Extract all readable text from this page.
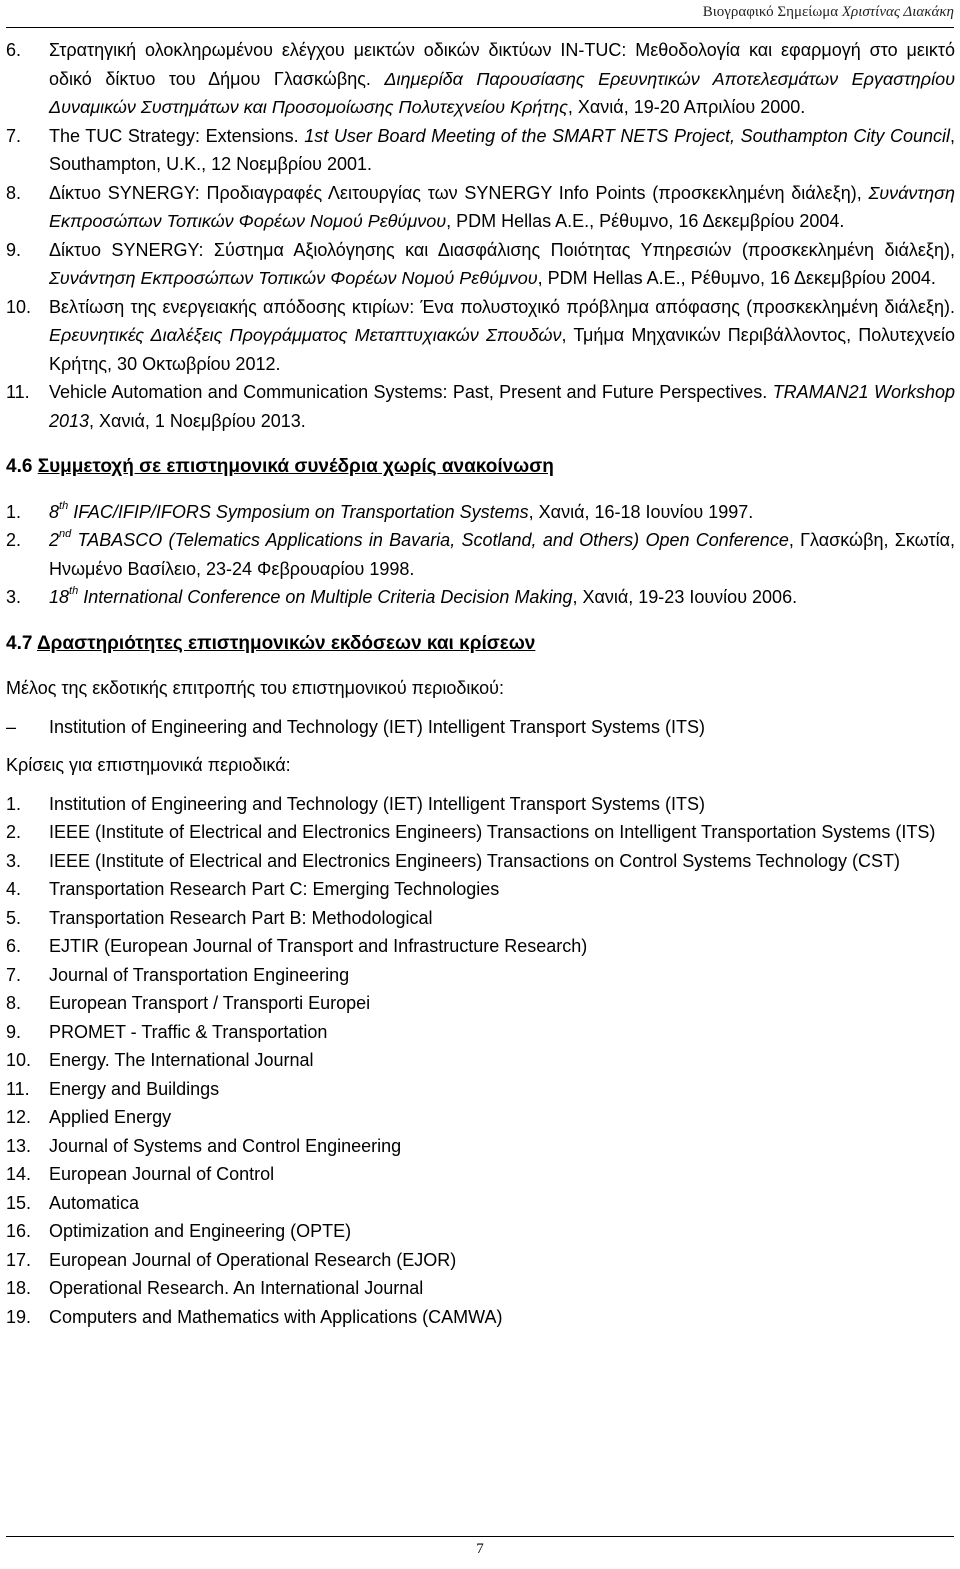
Βιογραφικό Σημείωμα Χριστίνας Διακάκη
6.	Στρατηγική ολοκληρωμένου ελέγχου μεικτών οδικών δικτύων IN-TUC: Μεθοδολογία και εφαρμογή στο μεικτό οδικό δίκτυο του Δήμου Γλασκώβης. Διημερίδα Παρουσίασης Ερευνητικών Αποτελεσμάτων Εργαστηρίου Δυναμικών Συστημάτων και Προσομοίωσης Πολυτεχνείου Κρήτης, Χανιά, 19-20 Απριλίου 2000.
7.	The TUC Strategy: Extensions. 1st User Board Meeting of the SMART NETS Project, Southampton City Council, Southampton, U.K., 12 Νοεμβρίου 2001.
8.	Δίκτυο SYNERGY: Προδιαγραφές Λειτουργίας των SYNERGY Info Points (προσκεκλημένη διάλεξη), Συνάντηση Εκπροσώπων Τοπικών Φορέων Νομού Ρεθύμνου, PDM Hellas A.E., Ρέθυμνο, 16 Δεκεμβρίου 2004.
9.	Δίκτυο SYNERGY: Σύστημα Αξιολόγησης και Διασφάλισης Ποιότητας Υπηρεσιών (προσκεκλημένη διάλεξη), Συνάντηση Εκπροσώπων Τοπικών Φορέων Νομού Ρεθύμνου, PDM Hellas A.E., Ρέθυμνο, 16 Δεκεμβρίου 2004.
10. Βελτίωση της ενεργειακής απόδοσης κτιρίων: Ένα πολυστοχικό πρόβλημα απόφασης (προσκεκλημένη διάλεξη). Ερευνητικές Διαλέξεις Προγράμματος Μεταπτυχιακών Σπουδών, Τμήμα Μηχανικών Περιβάλλοντος, Πολυτεχνείο Κρήτης, 30 Οκτωβρίου 2012.
11.	Vehicle Automation and Communication Systems: Past, Present and Future Perspectives. TRAMAN21 Workshop 2013, Χανιά, 1 Νοεμβρίου 2013.
4.6 Συμμετοχή σε επιστημονικά συνέδρια χωρίς ανακοίνωση
1.	8th IFAC/IFIP/IFORS Symposium on Transportation Systems, Χανιά, 16-18 Ιουνίου 1997.
2.	2nd TABASCO (Telematics Applications in Bavaria, Scotland, and Others) Open Conference, Γλασκώβη, Σκωτία, Ηνωμένο Βασίλειο, 23-24 Φεβρουαρίου 1998.
3.	18th International Conference on Multiple Criteria Decision Making, Χανιά, 19-23 Ιουνίου 2006.
4.7 Δραστηριότητες επιστημονικών εκδόσεων και κρίσεων
Μέλος της εκδοτικής επιτροπής του επιστημονικού περιοδικού:
–	Institution of Engineering and Technology (IET) Intelligent Transport Systems (ITS)
Κρίσεις για επιστημονικά περιοδικά:
1.	Institution of Engineering and Technology (IET) Intelligent Transport Systems (ITS)
2.	IEEE (Institute of Electrical and Electronics Engineers) Transactions on Intelligent Transportation Systems (ITS)
3.	IEEE (Institute of Electrical and Electronics Engineers) Transactions on Control Systems Technology (CST)
4.	Transportation Research Part C: Emerging Technologies
5.	Transportation Research Part B: Methodological
6.	EJTIR (European Journal of Transport and Infrastructure Research)
7.	Journal of Transportation Engineering
8.	European Transport / Transporti Europei
9.	PROMET - Traffic & Transportation
10. Energy. The International Journal
11.	Energy and Buildings
12. Applied Energy
13. Journal of Systems and Control Engineering
14. European Journal of Control
15. Automatica
16. Optimization and Engineering (OPTE)
17. European Journal of Operational Research (EJOR)
18. Operational Research. An International Journal
19. Computers and Mathematics with Applications (CAMWA)
7
